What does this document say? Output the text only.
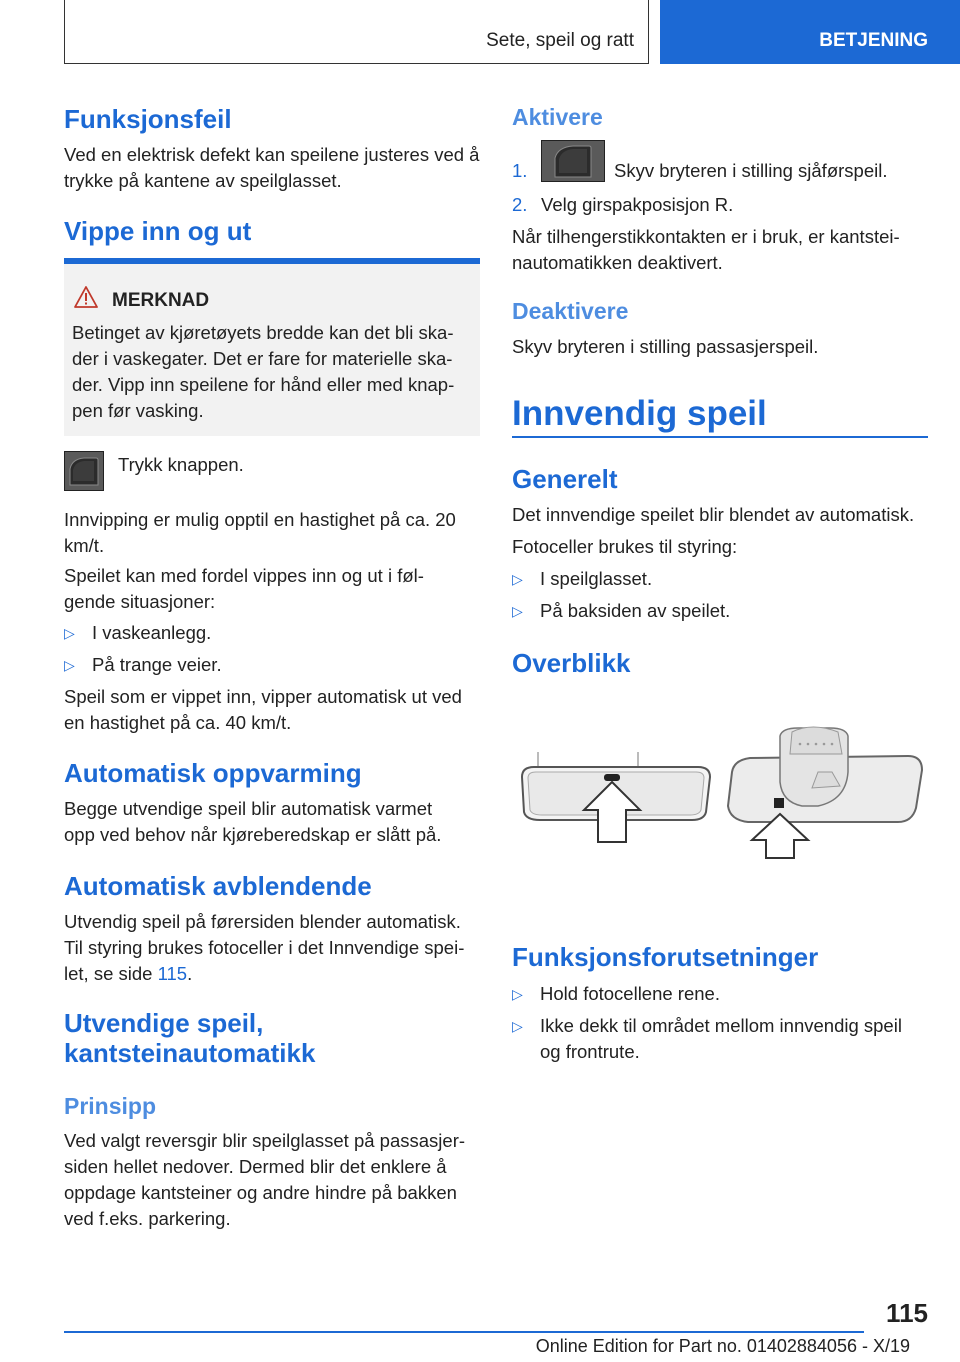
Sete, speil og ratt	BETJENING
Funksjonsfeil
Ved en elektrisk defekt kan speilene justeres ved å trykke på kantene av speilglasset.
Vippe inn og ut
MERKNAD
Betinget av kjøretøyets bredde kan det bli skader i vaskegater. Det er fare for materielle skader. Vipp inn speilene for hånd eller med knappen før vasking.
Trykk knappen.
Innvipping er mulig opptil en hastighet på ca. 20 km/t.
Speilet kan med fordel vippes inn og ut i følgende situasjoner:
▷ I vaskeanlegg.
▷ På trange veier.
Speil som er vippet inn, vipper automatisk ut ved en hastighet på ca. 40 km/t.
Automatisk oppvarming
Begge utvendige speil blir automatisk varmet opp ved behov når kjøreberedskap er slått på.
Automatisk avblendende
Utvendig speil på førersiden blender automatisk. Til styring brukes fotoceller i det Innvendige speilet, se side 115.
Utvendige speil,
kantsteinautomatikk
Prinsipp
Ved valgt reversgir blir speilglasset på passasjersiden hellet nedover. Dermed blir det enklere å oppdage kantsteiner og andre hindre på bakken ved f.eks. parkering.
Aktivere
1.	Skyv bryteren i stilling sjåførspeil.
2. Velg girspakposisjon R.
Når tilhengerstikkontakten er i bruk, er kantsteinautomatikken deaktivert.
Deaktivere
Skyv bryteren i stilling passasjerspeil.
Innvendig speil
Generelt
Det innvendige speilet blir blendet av automatisk.
Fotoceller brukes til styring:
▷ I speilglasset.
▷ På baksiden av speilet.
Overblikk
Funksjonsforutsetninger
▷ Hold fotocellene rene.
▷ Ikke dekk til området mellom innvendig speil
og frontrute.
115
Online Edition for Part no. 01402884056 - X/19
